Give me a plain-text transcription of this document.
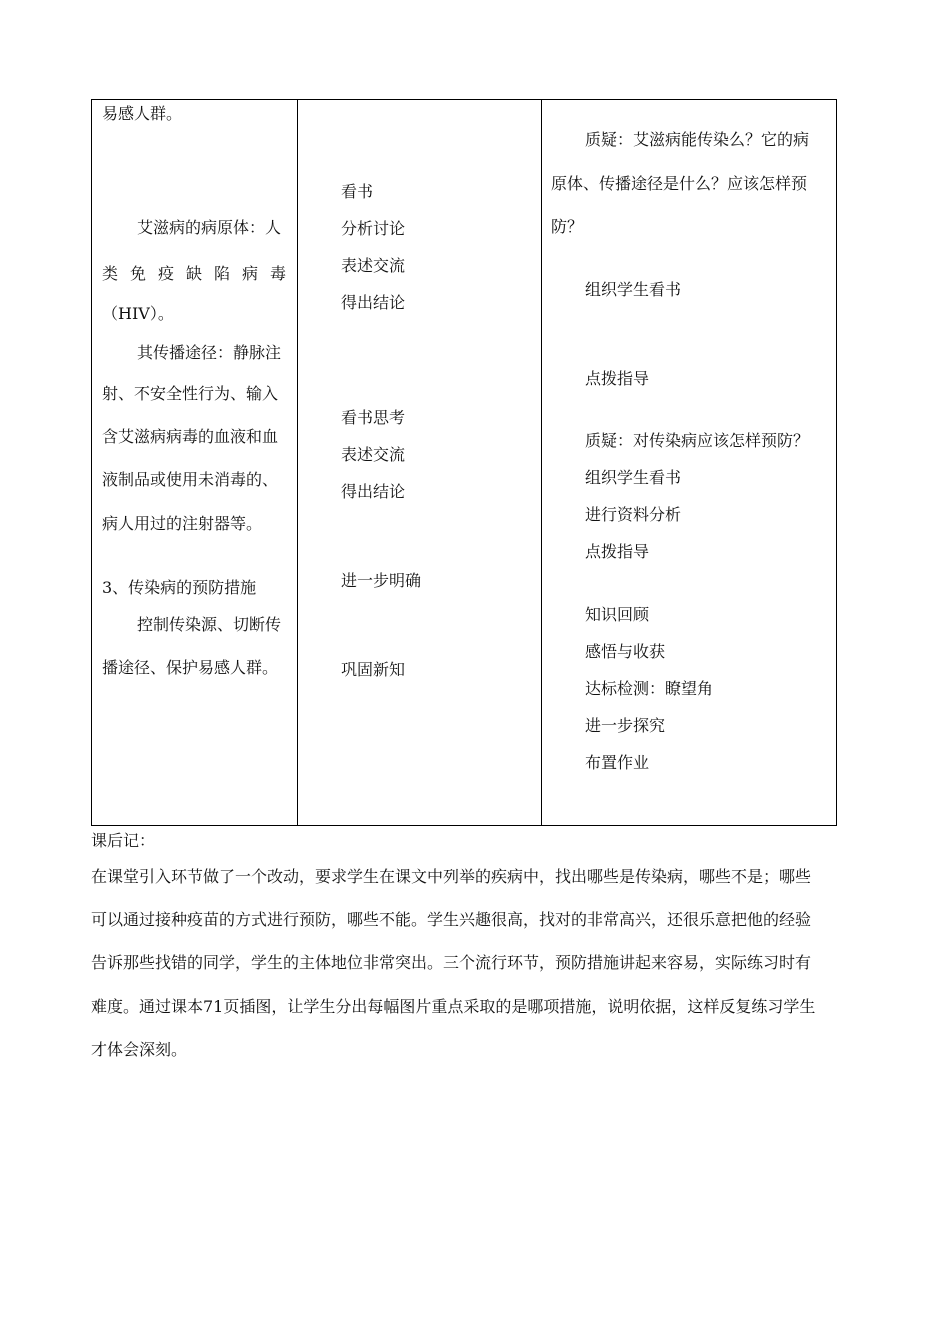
易感人群。
艾滋病的病原体：人
类免疫缺陷病毒
（HIV）。
其传播途径：静脉注
射、不安全性行为、输入
含艾滋病病毒的血液和血
液制品或使用未消毒的、
病人用过的注射器等。
3、传染病的预防措施
控制传染源、切断传
播途径、保护易感人群。
看书
分析讨论
表述交流
得出结论
看书思考
表述交流
得出结论
进一步明确
巩固新知
质疑：艾滋病能传染么？它的病
原体、传播途径是什么？应该怎样预
防？
组织学生看书
点拨指导
质疑：对传染病应该怎样预防？
组织学生看书
进行资料分析
点拨指导
知识回顾
感悟与收获
达标检测：瞭望角
进一步探究
布置作业
课后记：
在课堂引入环节做了一个改动，要求学生在课文中列举的疾病中，找出哪些是传染病，哪些不是；哪些
可以通过接种疫苗的方式进行预防，哪些不能。学生兴趣很高，找对的非常高兴，还很乐意把他的经验
告诉那些找错的同学，学生的主体地位非常突出。三个流行环节，预防措施讲起来容易，实际练习时有
难度。通过课本71页插图，让学生分出每幅图片重点采取的是哪项措施，说明依据，这样反复练习学生
才体会深刻。
